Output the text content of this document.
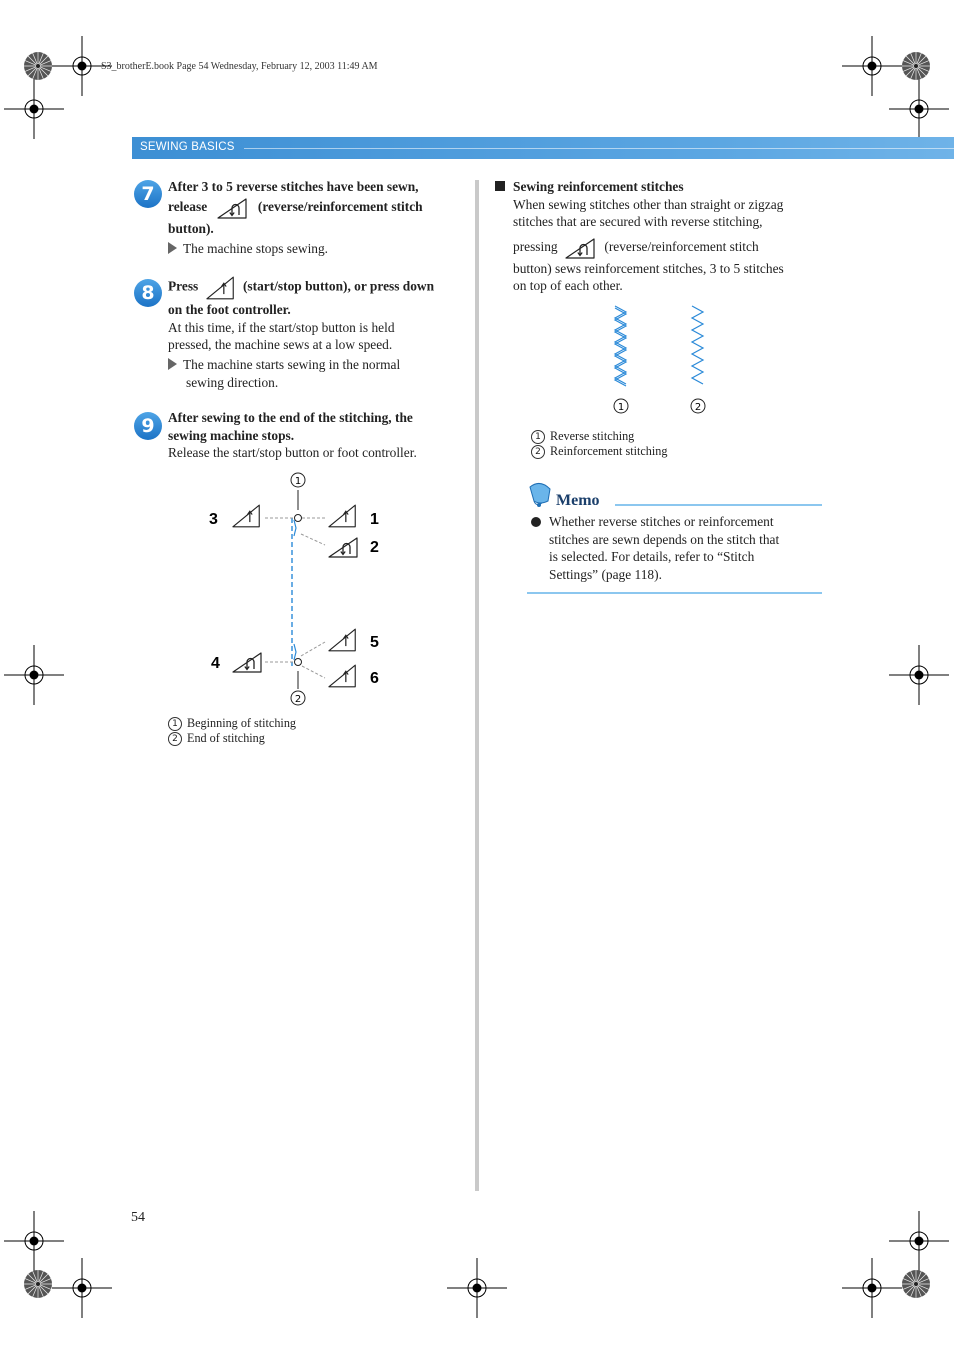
S3_brotherE.book Page 54 Wednesday, February 12, 2003 11:49 AM
SEWING BASICS
7 After 3 to 5 reverse stitches have been sewn,
release	(reverse/reinforcement stitch
button).
The machine stops sewing.
8 Press	(start/stop button), or press down
on the foot controller.
At this time, if the start/stop button is held
pressed, the machine sews at a low speed.
The machine starts sewing in the normal
sewing direction.
9 After sewing to the end of the stitching, the
sewing machine stops.
Release the start/stop button or foot controller.
1
2
1
2
3
4
5
6
1 Beginning of stitching
2 End of stitching
Sewing reinforcement stitches
When sewing stitches other than straight or zigzag
stitches that are secured with reverse stitching,
pressing	(reverse/reinforcement stitch
button) sews reinforcement stitches, 3 to 5 stitches
on top of each other.
1	2
1 Reverse stitching
2 Reinforcement stitching
Memo
Whether reverse stitches or reinforcement
stitches are sewn depends on the stitch that
is selected. For details, refer to “Stitch
Settings” (page 118).
54
